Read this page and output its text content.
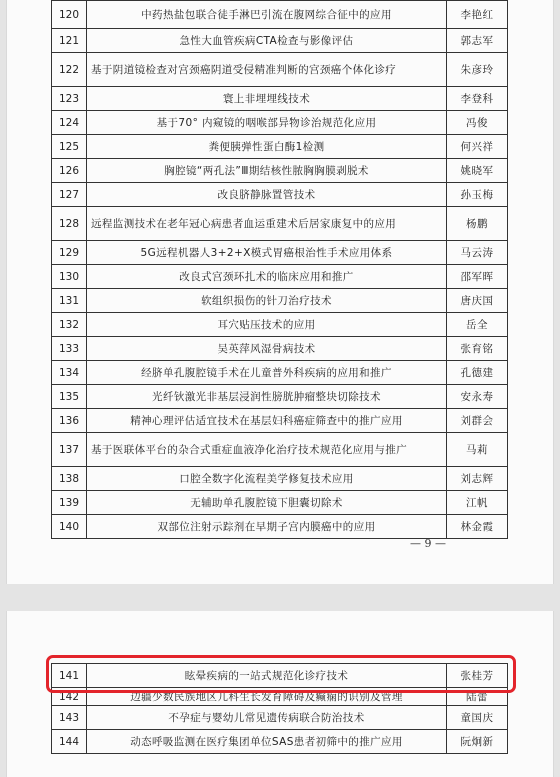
120	中药热盐包联合徒手淋巴引流在腹网综合征中的应用	李艳红
121	急性大血管疾病CTA检查与影像评估	郭志军
122	基于阴道镜检查对宫颈癌阴道受侵精准判断的宫颈癌个体化诊疗	朱彦玲
123	寰上非埋埋线技术	李登科
124	基于70° 内窥镜的咽喉部异物诊治规范化应用	冯俊
125	粪便胰弹性蛋白酶1检测	何兴祥
126	胸腔镜“两孔法”Ⅲ期结核性脓胸胸膜剥脱术	姚晓军
127	改良脐静脉置管技术	孙玉梅
128	远程监测技术在老年冠心病患者血运重建术后居家康复中的应用	杨鹏
129	5G远程机器人3+2+X模式胃癌根治性手术应用体系	马云涛
130	改良式宫颈环扎术的临床应用和推广	邵军晖
131	软组织损伤的针刀治疗技术	唐庆国
132	耳穴贴压技术的应用	岳全
133	吴英萍风湿骨病技术	张育铭
134	经脐单孔腹腔镜手术在儿童普外科疾病的应用和推广	孔德建
135	光纤钬激光非基层浸润性膀胱肿瘤整块切除技术	安永寿
136	精神心理评估适宜技术在基层妇科癌症筛查中的推广应用	刘群会
137	基于医联体平台的杂合式重症血液净化治疗技术规范化应用与推广	马莉
138	口腔全数字化流程美学修复技术应用	刘志辉
139	无辅助单孔腹腔镜下胆囊切除术	江帆
140	双部位注射示踪剂在早期子宫内膜癌中的应用	林金霞
— 9 —
141	眩晕疾病的一站式规范化诊疗技术	张桂芳
142	边疆少数民族地区儿科生长发育障碍及癫痫的识别及管理	陆蕾
143	不孕症与婴幼儿常见遗传病联合防治技术	童国庆
144	动态呼吸监测在医疗集团单位SAS患者初筛中的推广应用	阮炯新
